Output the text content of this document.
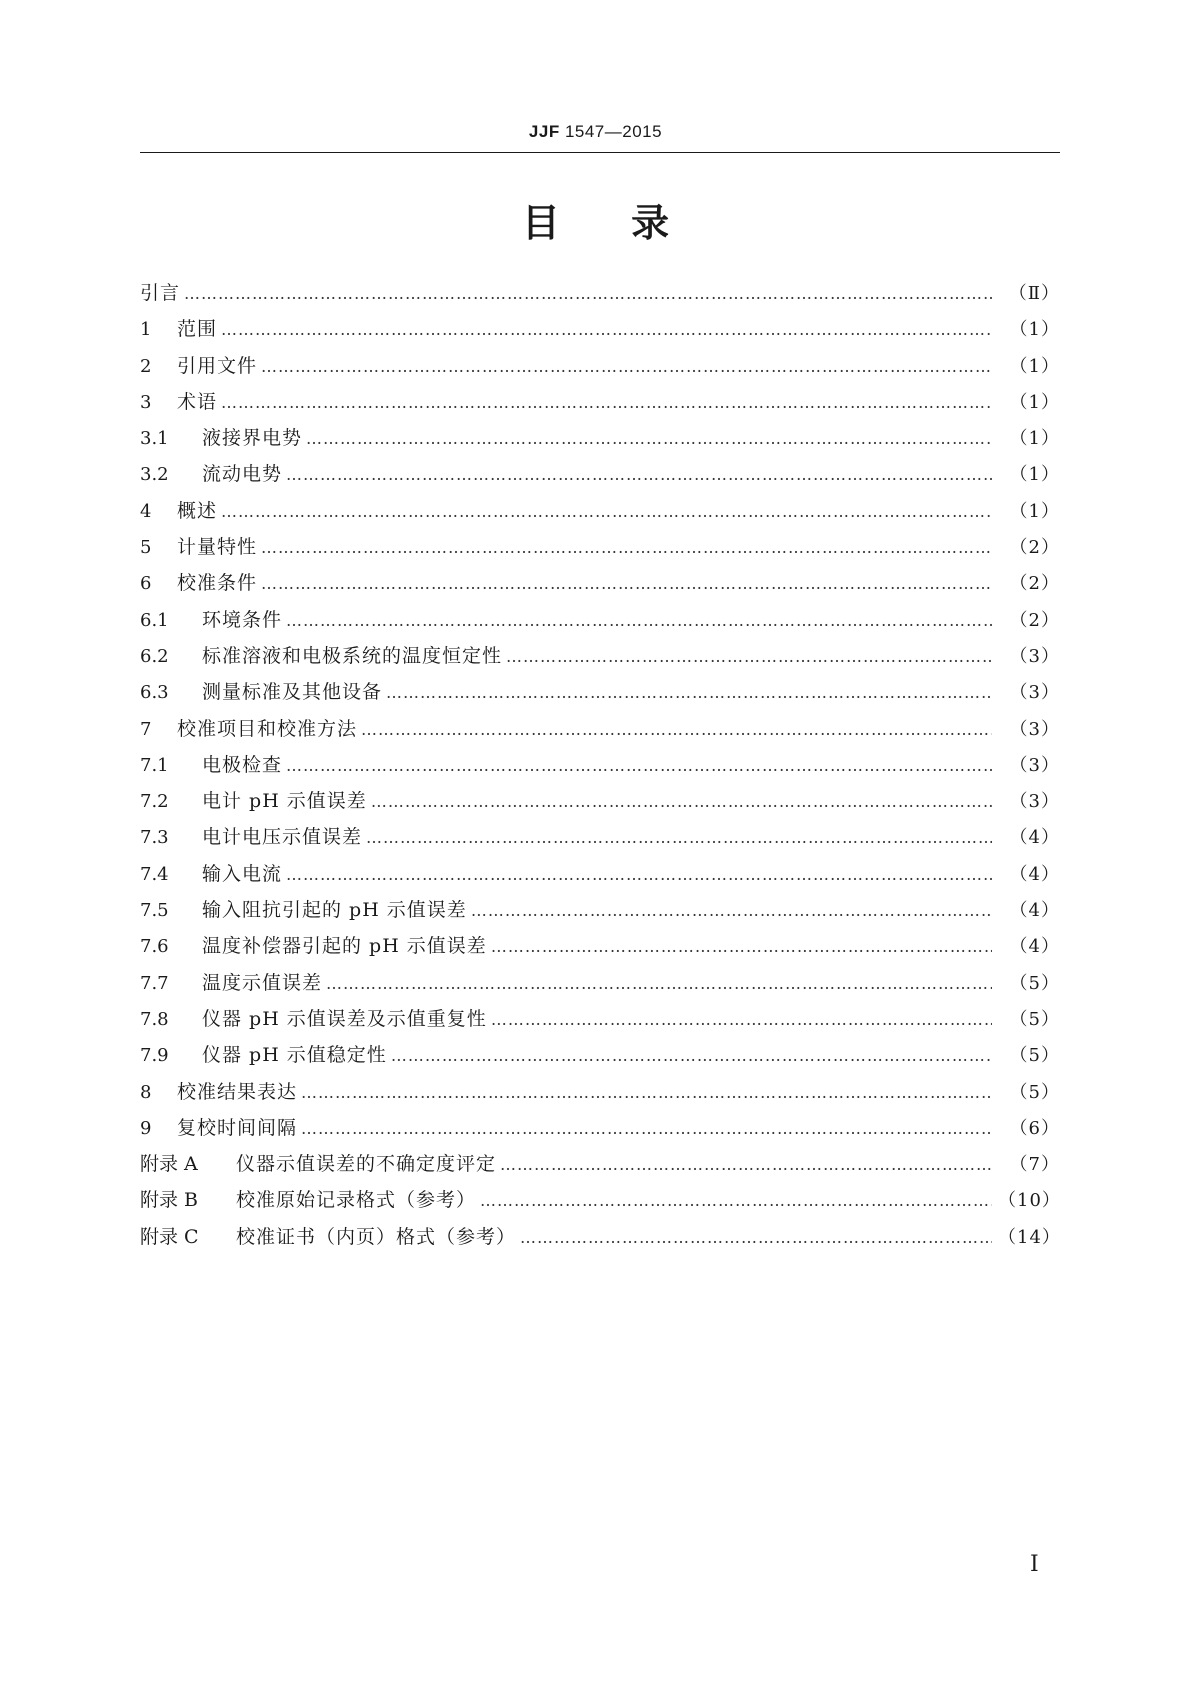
JJF 1547—2015
目 录
引言 ……………………………………………………………………………………………………………………………………………………………………………………………………………………………………	（Ⅱ）
1	范围 ……………………………………………………………………………………………………………………………………………………………………………………………………………………………………	（1）
2	引用文件 ……………………………………………………………………………………………………………………………………………………………………………………………………………………………………	（1）
3	术语 ……………………………………………………………………………………………………………………………………………………………………………………………………………………………………	（1）
3.1	液接界电势 ……………………………………………………………………………………………………………………………………………………………………………………………………………………………………	（1）
3.2	流动电势 ……………………………………………………………………………………………………………………………………………………………………………………………………………………………………	（1）
4	概述 ……………………………………………………………………………………………………………………………………………………………………………………………………………………………………	（1）
5	计量特性 ……………………………………………………………………………………………………………………………………………………………………………………………………………………………………	（2）
6	校准条件 ……………………………………………………………………………………………………………………………………………………………………………………………………………………………………	（2）
6.1	环境条件 ……………………………………………………………………………………………………………………………………………………………………………………………………………………………………	（2）
6.2	标准溶液和电极系统的温度恒定性 ……………………………………………………………………………………………………………………………………………………………………………………………………………………………………	（3）
6.3	测量标准及其他设备 ……………………………………………………………………………………………………………………………………………………………………………………………………………………………………	（3）
7	校准项目和校准方法 ……………………………………………………………………………………………………………………………………………………………………………………………………………………………………	（3）
7.1	电极检查 ……………………………………………………………………………………………………………………………………………………………………………………………………………………………………	（3）
7.2	电计 pH 示值误差 ……………………………………………………………………………………………………………………………………………………………………………………………………………………………………	（3）
7.3	电计电压示值误差 ……………………………………………………………………………………………………………………………………………………………………………………………………………………………………	（4）
7.4	输入电流 ……………………………………………………………………………………………………………………………………………………………………………………………………………………………………	（4）
7.5	输入阻抗引起的 pH 示值误差 ……………………………………………………………………………………………………………………………………………………………………………………………………………………………………	（4）
7.6	温度补偿器引起的 pH 示值误差 ……………………………………………………………………………………………………………………………………………………………………………………………………………………………………	（4）
7.7	温度示值误差 ……………………………………………………………………………………………………………………………………………………………………………………………………………………………………	（5）
7.8	仪器 pH 示值误差及示值重复性 ……………………………………………………………………………………………………………………………………………………………………………………………………………………………………	（5）
7.9	仪器 pH 示值稳定性 ……………………………………………………………………………………………………………………………………………………………………………………………………………………………………	（5）
8	校准结果表达 ……………………………………………………………………………………………………………………………………………………………………………………………………………………………………	（5）
9	复校时间间隔 ……………………………………………………………………………………………………………………………………………………………………………………………………………………………………	（6）
附录 A	仪器示值误差的不确定度评定 ……………………………………………………………………………………………………………………………………………………………………………………………………………………………………	（7）
附录 B	校准原始记录格式（参考） ……………………………………………………………………………………………………………………………………………………………………………………………………………………………………	（10）
附录 C	校准证书（内页）格式（参考） ……………………………………………………………………………………………………………………………………………………………………………………………………………………………………	（14）
I
